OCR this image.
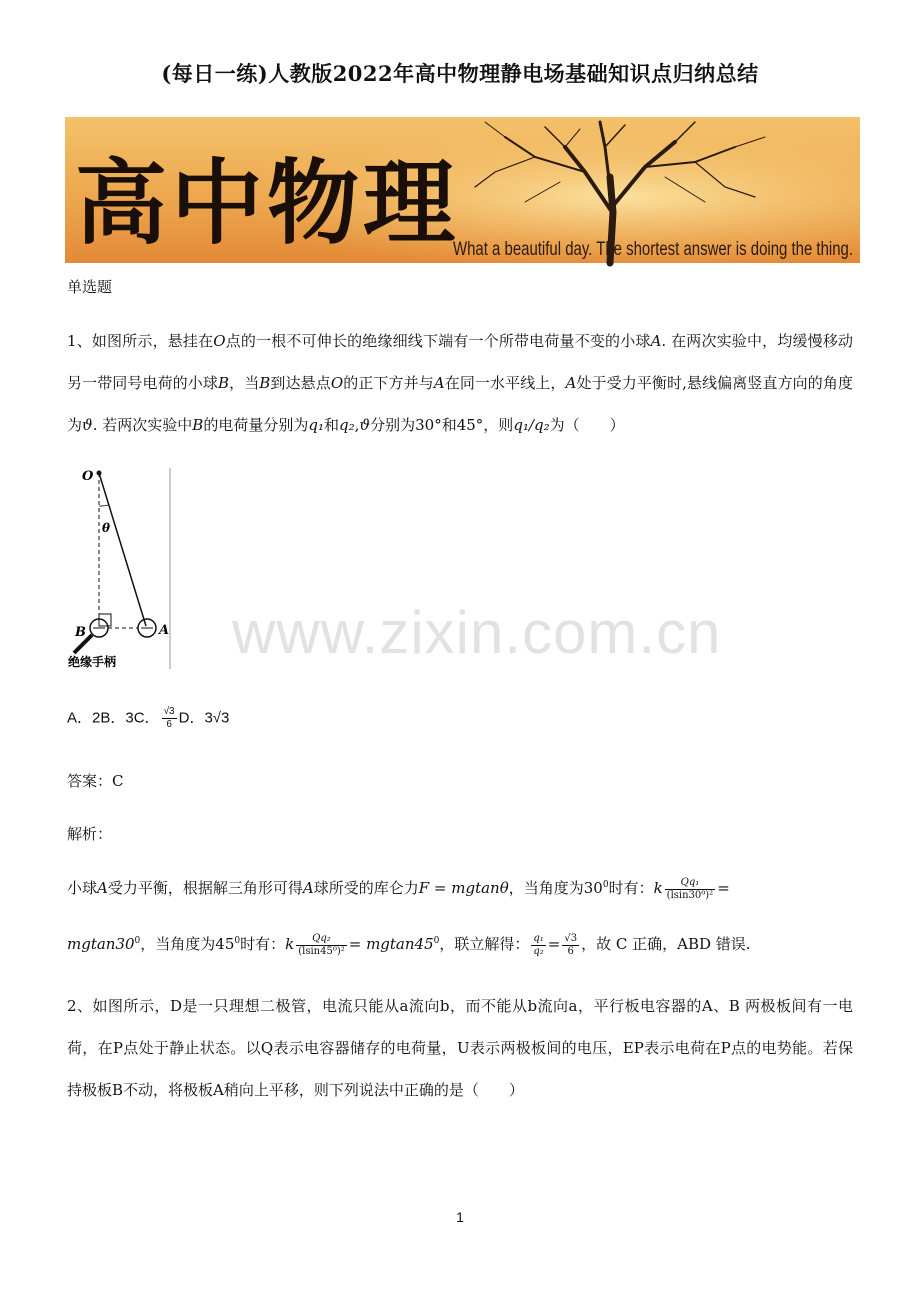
(每日一练)人教版2022年高中物理静电场基础知识点归纳总结
高中物理
What a beautiful day. The shortest answer is doing the thing.
单选题
1、如图所示，悬挂在O点的一根不可伸长的绝缘细线下端有一个所带电荷量不变的小球A. 在两次实验中，均缓慢移动另一带同号电荷的小球B，当B到达悬点O的正下方并与A在同一水平线上，A处于受力平衡时,悬线偏离竖直方向的角度为ϑ. 若两次实验中B的电荷量分别为q₁和q₂,ϑ分别为30°和45°，则q₁/q₂为（　　）
O
θ
B	A
绝缘手柄 www.zixin.com.cn
A．2B．3C． $\frac{√3}{6}$ D．3√3
答案：C
解析：
小球A受力平衡，根据解三角形可得A球所受的库仑力F = mgtanθ，当角度为$30^0$时有：k $\frac{\text{Qq₁}}{\text{(lsin30⁰)²}}$ =
$mgtan30^0$，当角度为$45^0$时有：k $\frac{\text{Qq₂}}{\text{(lsin45⁰)²}} = mgtan45^0$，联立解得： $\frac{\text{q₁}}{\text{q₂}} = \frac{√3}{6}$ ，故 C 正确，ABD 错误.
2、如图所示，D是一只理想二极管，电流只能从a流向b，而不能从b流向a，平行板电容器的A、B 两极板间有一电荷，在P点处于静止状态。以Q表示电容器储存的电荷量，U表示两极板间的电压，EP表示电荷在P点的电势能。若保持极板B不动，将极板A稍向上平移，则下列说法中正确的是（　　）
1
